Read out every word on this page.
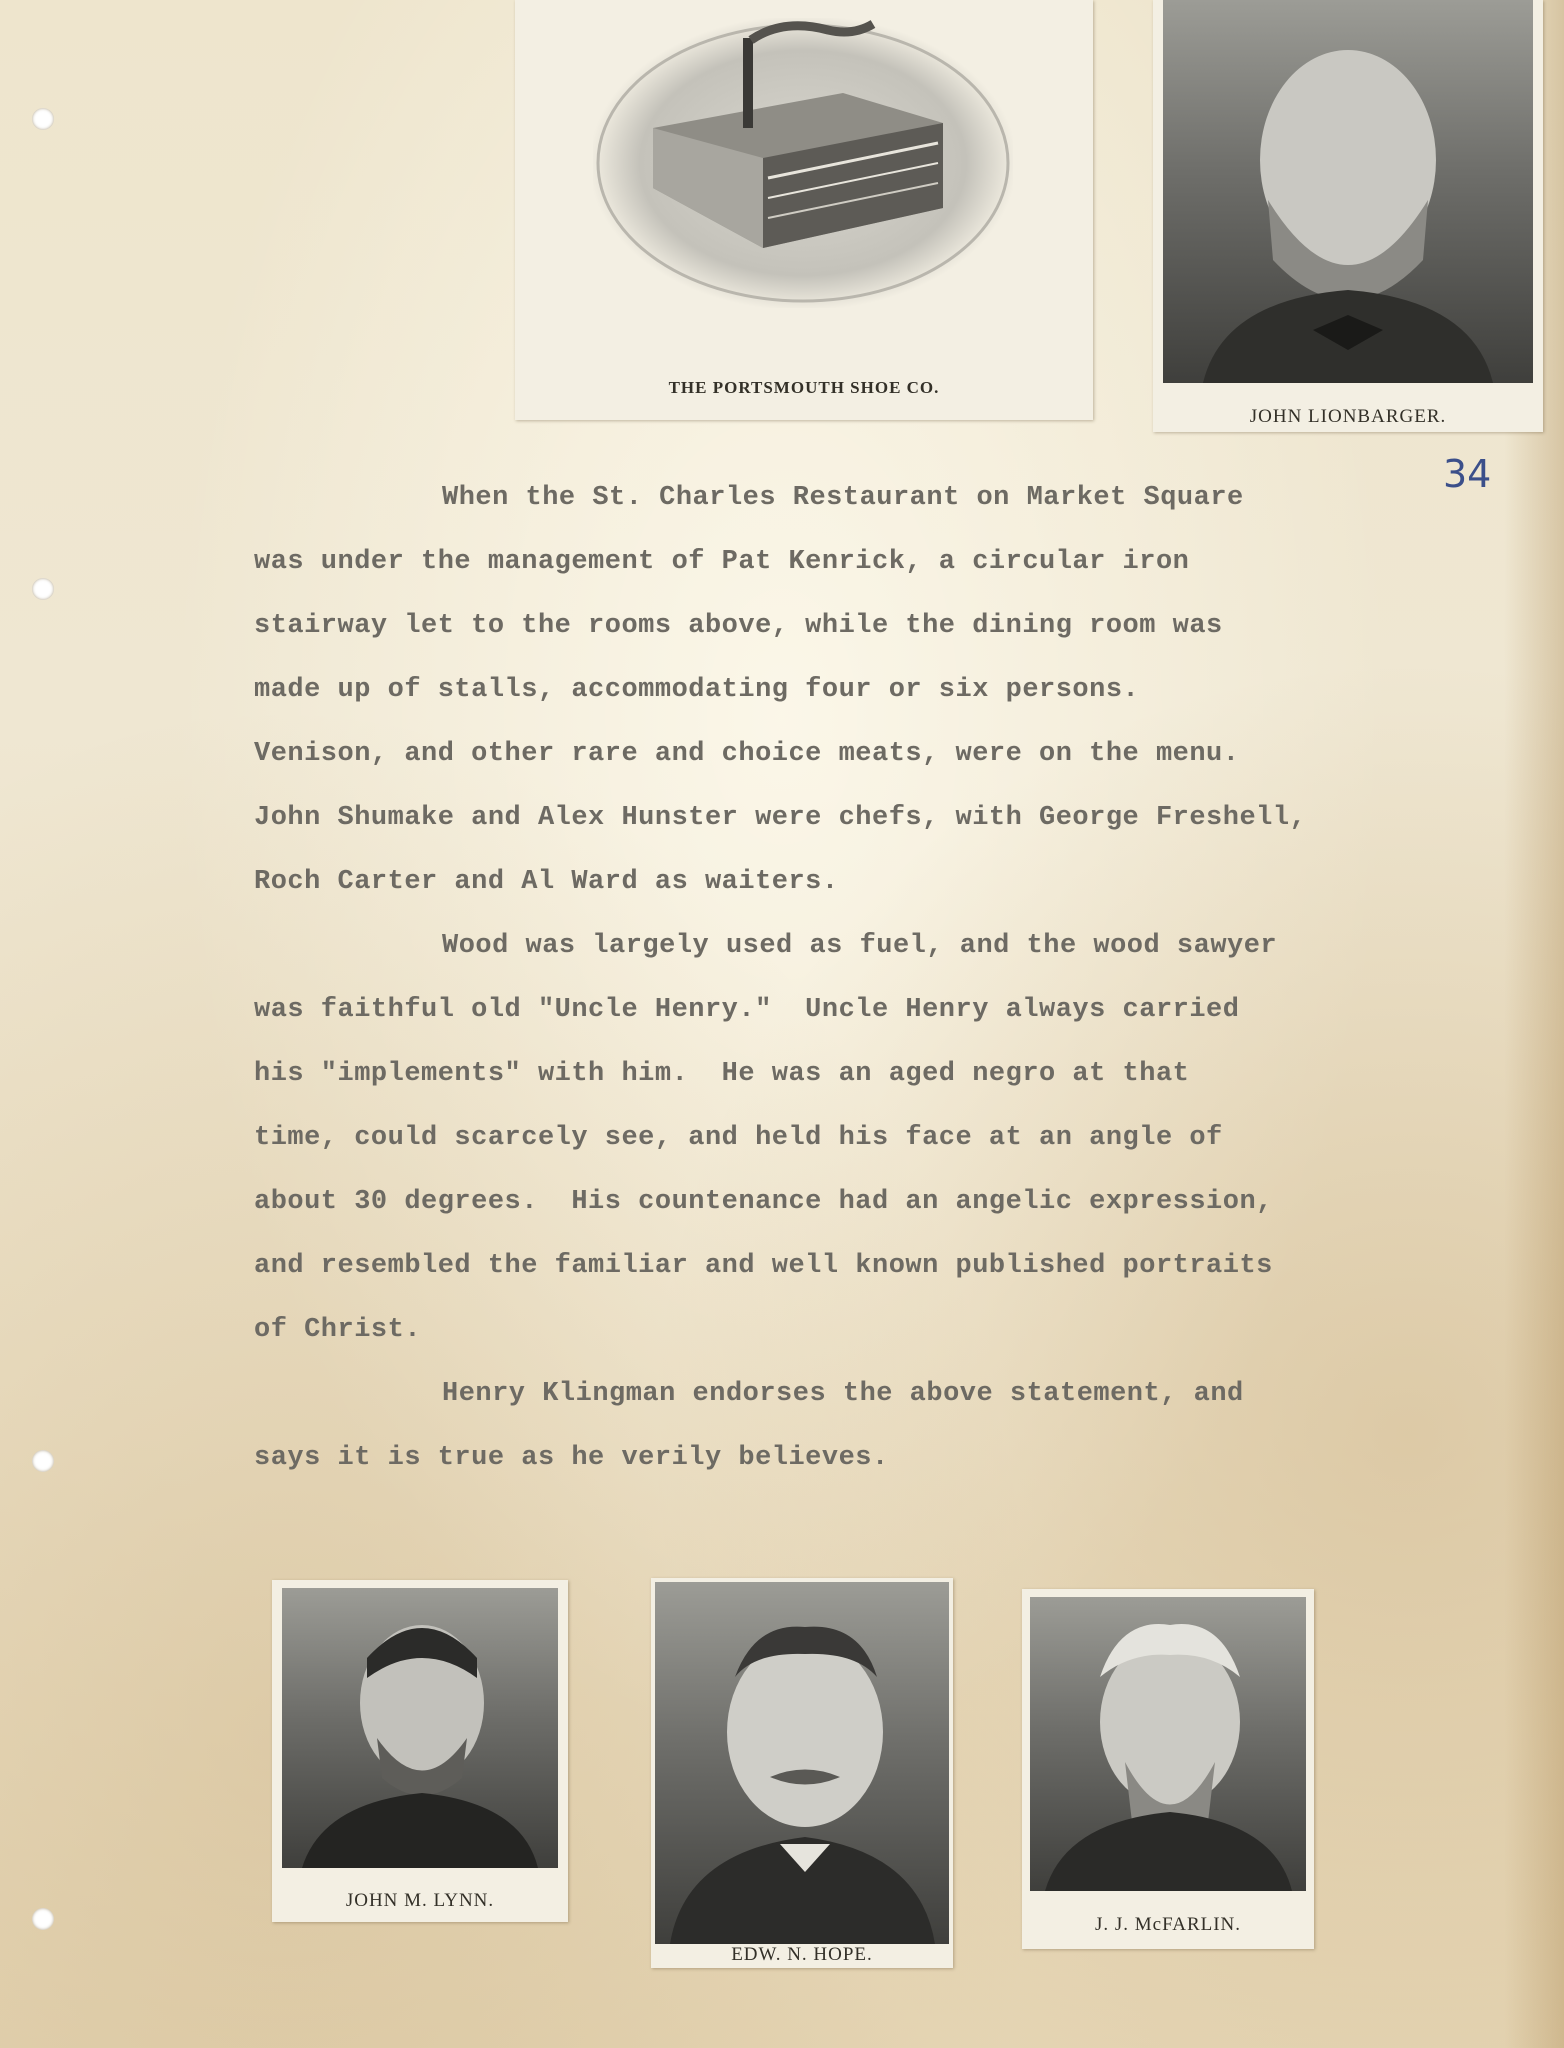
THE PORTSMOUTH SHOE CO.
JOHN LIONBARGER.
34
When the St. Charles Restaurant on Market Square
was under the management of Pat Kenrick, a circular iron
stairway let to the rooms above, while the dining room was
made up of stalls, accommodating four or six persons.
Venison, and other rare and choice meats, were on the menu.
John Shumake and Alex Hunster were chefs, with George Freshell,
Roch Carter and Al Ward as waiters.
Wood was largely used as fuel, and the wood sawyer
was faithful old "Uncle Henry."  Uncle Henry always carried
his "implements" with him.  He was an aged negro at that
time, could scarcely see, and held his face at an angle of
about 30 degrees.  His countenance had an angelic expression,
and resembled the familiar and well known published portraits
of Christ.
Henry Klingman endorses the above statement, and
says it is true as he verily believes.
JOHN M. LYNN.
EDW. N. HOPE.
J. J. McFARLIN.
